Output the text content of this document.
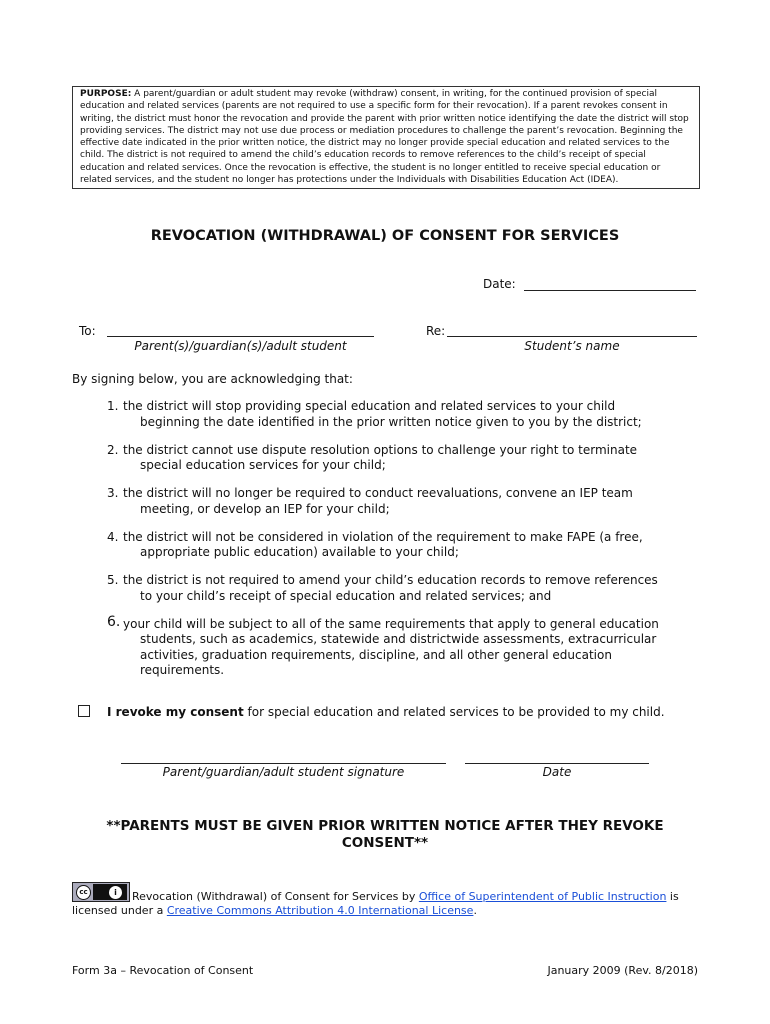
PURPOSE: A parent/guardian or adult student may revoke (withdraw) consent, in writing, for the continued provision of special education and related services (parents are not required to use a specific form for their revocation). If a parent revokes consent in writing, the district must honor the revocation and provide the parent with prior written notice identifying the date the district will stop providing services. The district may not use due process or mediation procedures to challenge the parent’s revocation. Beginning the effective date indicated in the prior written notice, the district may no longer provide special education and related services to the child. The district is not required to amend the child’s education records to remove references to the child’s receipt of special education and related services. Once the revocation is effective, the student is no longer entitled to receive special education or related services, and the student no longer has protections under the Individuals with Disabilities Education Act (IDEA).
REVOCATION (WITHDRAWAL) OF CONSENT FOR SERVICES
Date:
To:
Parent(s)/guardian(s)/adult student
Re:
Student’s name
By signing below, you are acknowledging that:
1. the district will stop providing special education and related services to your child
beginning the date identified in the prior written notice given to you by the district;
2. the district cannot use dispute resolution options to challenge your right to terminate
special education services for your child;
3. the district will no longer be required to conduct reevaluations, convene an IEP team
meeting, or develop an IEP for your child;
4. the district will not be considered in violation of the requirement to make FAPE (a free,
appropriate public education) available to your child;
5. the district is not required to amend your child’s education records to remove references
to your child’s receipt of special education and related services; and
6. your child will be subject to all of the same requirements that apply to general education
students, such as academics, statewide and districtwide assessments, extracurricular
activities, graduation requirements, discipline, and all other general education
requirements.
I revoke my consent for special education and related services to be provided to my child.
Parent/guardian/adult student signature	Date
**PARENTS MUST BE GIVEN PRIOR WRITTEN NOTICE AFTER THEY REVOKE
CONSENT**
cc	i	Revocation (Withdrawal) of Consent for Services by Office of Superintendent of Public Instruction is licensed under a Creative Commons Attribution 4.0 International License.
Form 3a – Revocation of Consent	January 2009 (Rev. 8/2018)
